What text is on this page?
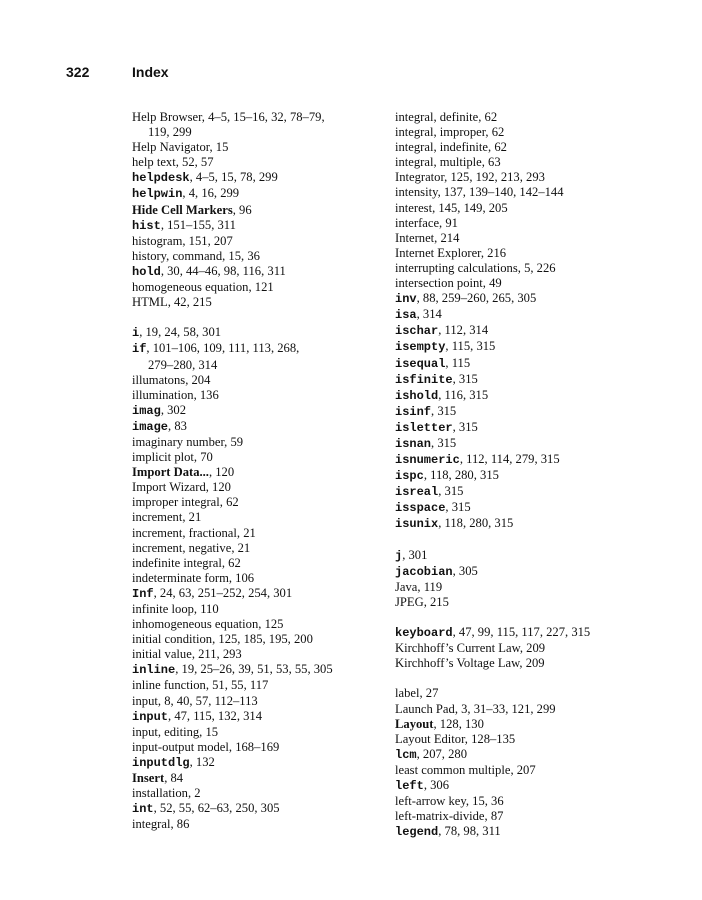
322	Index
Help Browser, 4–5, 15–16, 32, 78–79,
119, 299
Help Navigator, 15
help text, 52, 57
helpdesk, 4–5, 15, 78, 299
helpwin, 4, 16, 299
Hide Cell Markers, 96
hist, 151–155, 311
histogram, 151, 207
history, command, 15, 36
hold, 30, 44–46, 98, 116, 311
homogeneous equation, 121
HTML, 42, 215
i, 19, 24, 58, 301
if, 101–106, 109, 111, 113, 268,
279–280, 314
illumatons, 204
illumination, 136
imag, 302
image, 83
imaginary number, 59
implicit plot, 70
Import Data..., 120
Import Wizard, 120
improper integral, 62
increment, 21
increment, fractional, 21
increment, negative, 21
indefinite integral, 62
indeterminate form, 106
Inf, 24, 63, 251–252, 254, 301
infinite loop, 110
inhomogeneous equation, 125
initial condition, 125, 185, 195, 200
initial value, 211, 293
inline, 19, 25–26, 39, 51, 53, 55, 305
inline function, 51, 55, 117
input, 8, 40, 57, 112–113
input, 47, 115, 132, 314
input, editing, 15
input-output model, 168–169
inputdlg, 132
Insert, 84
installation, 2
int, 52, 55, 62–63, 250, 305
integral, 86
integral, definite, 62
integral, improper, 62
integral, indefinite, 62
integral, multiple, 63
Integrator, 125, 192, 213, 293
intensity, 137, 139–140, 142–144
interest, 145, 149, 205
interface, 91
Internet, 214
Internet Explorer, 216
interrupting calculations, 5, 226
intersection point, 49
inv, 88, 259–260, 265, 305
isa, 314
ischar, 112, 314
isempty, 115, 315
isequal, 115
isfinite, 315
ishold, 116, 315
isinf, 315
isletter, 315
isnan, 315
isnumeric, 112, 114, 279, 315
ispc, 118, 280, 315
isreal, 315
isspace, 315
isunix, 118, 280, 315
j, 301
jacobian, 305
Java, 119
JPEG, 215
keyboard, 47, 99, 115, 117, 227, 315
Kirchhoff’s Current Law, 209
Kirchhoff’s Voltage Law, 209
label, 27
Launch Pad, 3, 31–33, 121, 299
Layout, 128, 130
Layout Editor, 128–135
lcm, 207, 280
least common multiple, 207
left, 306
left-arrow key, 15, 36
left-matrix-divide, 87
legend, 78, 98, 311
